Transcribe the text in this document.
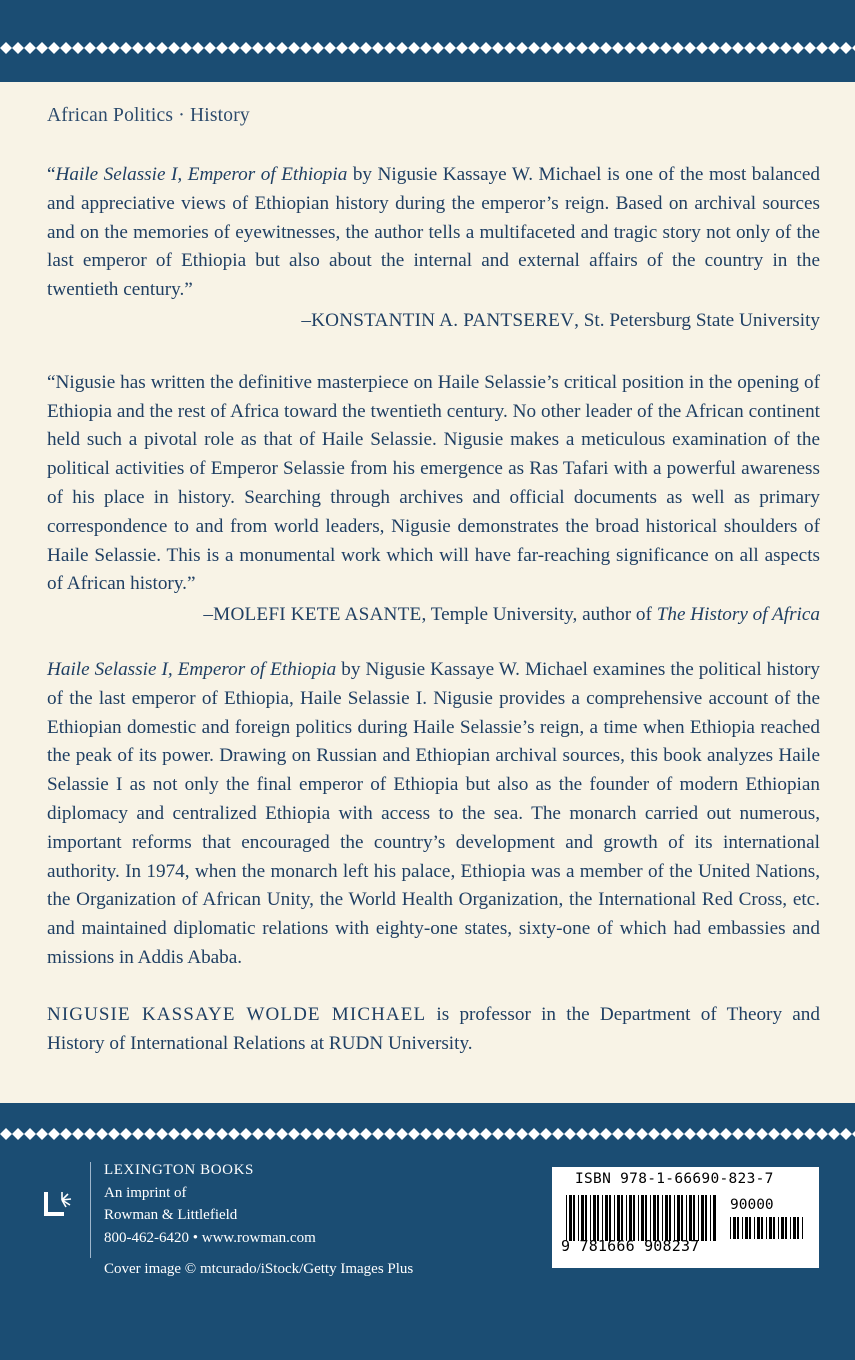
African Politics · History

“Haile Selassie I, Emperor of Ethiopia by Nigusie Kassaye W. Michael is one of the most balanced and appreciative views of Ethiopian history during the emperor’s reign. Based on archival sources and on the memories of eyewitnesses, the author tells a multifaceted and tragic story not only of the last emperor of Ethiopia but also about the internal and external affairs of the country in the twentieth century.”

–KONSTANTIN A. PANTSEREV, St. Petersburg State University

“Nigusie has written the definitive masterpiece on Haile Selassie’s critical position in the opening of Ethiopia and the rest of Africa toward the twentieth century. No other leader of the African continent held such a pivotal role as that of Haile Selassie. Nigusie makes a meticulous examination of the political activities of Emperor Selassie from his emergence as Ras Tafari with a powerful awareness of his place in history. Searching through archives and official documents as well as primary correspondence to and from world leaders, Nigusie demonstrates the broad historical shoulders of Haile Selassie. This is a monumental work which will have far-reaching significance on all aspects of African history.”

–MOLEFI KETE ASANTE, Temple University, author of The History of Africa

Haile Selassie I, Emperor of Ethiopia by Nigusie Kassaye W. Michael examines the political history of the last emperor of Ethiopia, Haile Selassie I. Nigusie provides a comprehensive account of the Ethiopian domestic and foreign politics during Haile Selassie’s reign, a time when Ethiopia reached the peak of its power. Drawing on Russian and Ethiopian archival sources, this book analyzes Haile Selassie I as not only the final emperor of Ethiopia but also as the founder of modern Ethiopian diplomacy and centralized Ethiopia with access to the sea. The monarch carried out numerous, important reforms that encouraged the country’s development and growth of its international authority. In 1974, when the monarch left his palace, Ethiopia was a member of the United Nations, the Organization of African Unity, the World Health Organization, the International Red Cross, etc. and maintained diplomatic relations with eighty-one states, sixty-one of which had embassies and missions in Addis Ababa.

NIGUSIE KASSAYE WOLDE MICHAEL is professor in the Department of Theory and History of International Relations at RUDN University.

LEXINGTON BOOKS
An imprint of
Rowman & Littlefield
800-462-6420 • www.rowman.com
Cover image © mtcurado/iStock/Getty Images Plus
ISBN 978-1-66690-823-7
90000
9 781666 908237
